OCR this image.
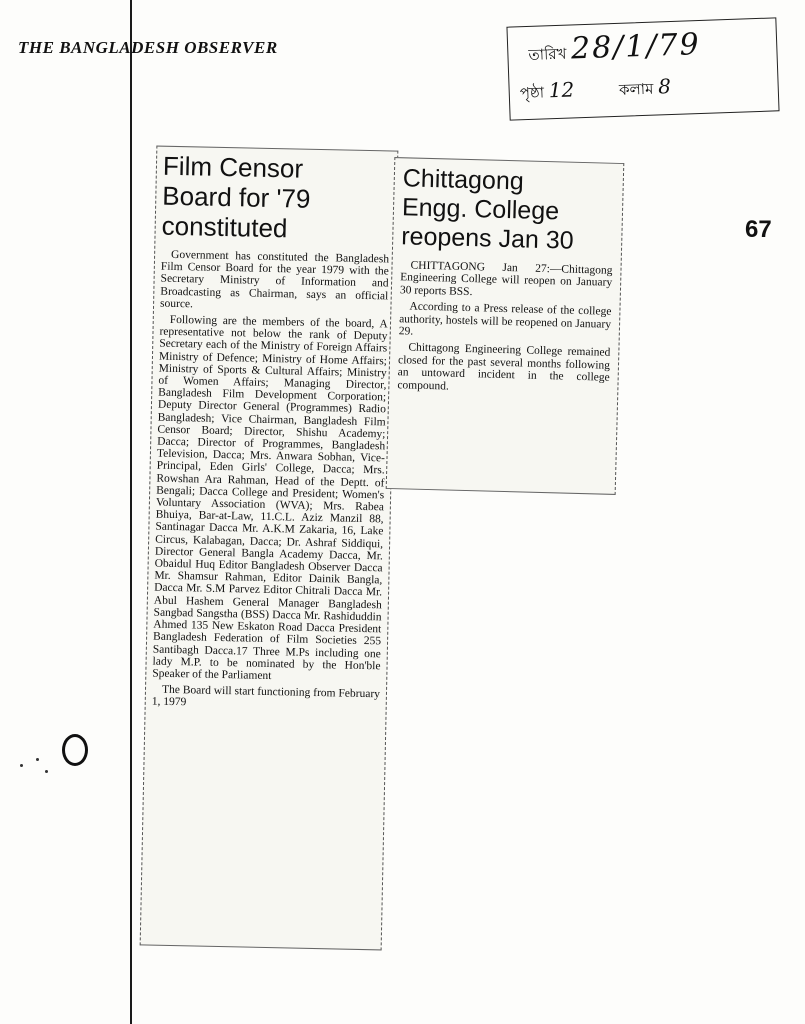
THE BANGLADESH OBSERVER	তারিখ 28/1/79
পৃষ্ঠা 12	কলাম 8
67
Film Censor
Board for '79
constituted

Government has constituted the Bangladesh Film Censor Board for the year 1979 with the Secretary Ministry of Information and Broadcasting as Chairman, says an official source.

Following are the members of the board, A representative not below the rank of Deputy Secretary each of the Ministry of Foreign Affairs Ministry of Defence; Ministry of Home Affairs; Ministry of Sports & Cultural Affairs; Ministry of Women Affairs; Managing Director, Bangladesh Film Development Corporation; Deputy Director General (Programmes) Radio Bangladesh; Vice Chairman, Bangladesh Film Censor Board; Director, Shishu Academy; Dacca; Director of Programmes, Bangladesh Television, Dacca; Mrs. Anwara Sobhan, Vice-Principal, Eden Girls' College, Dacca; Mrs. Rowshan Ara Rahman, Head of the Deptt. of Bengali; Dacca College and President; Women's Voluntary Association (WVA); Mrs. Rabea Bhuiya, Bar-at-Law, 11.C.L. Aziz Manzil 88, Santinagar Dacca Mr. A.K.M Zakaria, 16, Lake Circus, Kalabagan, Dacca; Dr. Ashraf Siddiqui, Director General Bangla Academy Dacca, Mr. Obaidul Huq Editor Bangladesh Observer Dacca Mr. Shamsur Rahman, Editor Dainik Bangla, Dacca Mr. S.M Parvez Editor Chitrali Dacca Mr. Abul Hashem General Manager Bangladesh Sangbad Sangstha (BSS) Dacca Mr. Rashiduddin Ahmed 135 New Eskaton Road Dacca President Bangladesh Federation of Film Societies 255 Santibagh Dacca.17 Three M.Ps including one lady M.P. to be nominated by the Hon'ble Speaker of the Parliament

The Board will start functioning from February 1, 1979

Chittagong
Engg. College
reopens Jan 30

CHITTAGONG Jan 27:—Chittagong Engineering College will reopen on January 30 reports BSS.

According to a Press release of the college authority, hostels will be reopened on January 29.

Chittagong Engineering College remained closed for the past several months following an untoward incident in the college compound.
